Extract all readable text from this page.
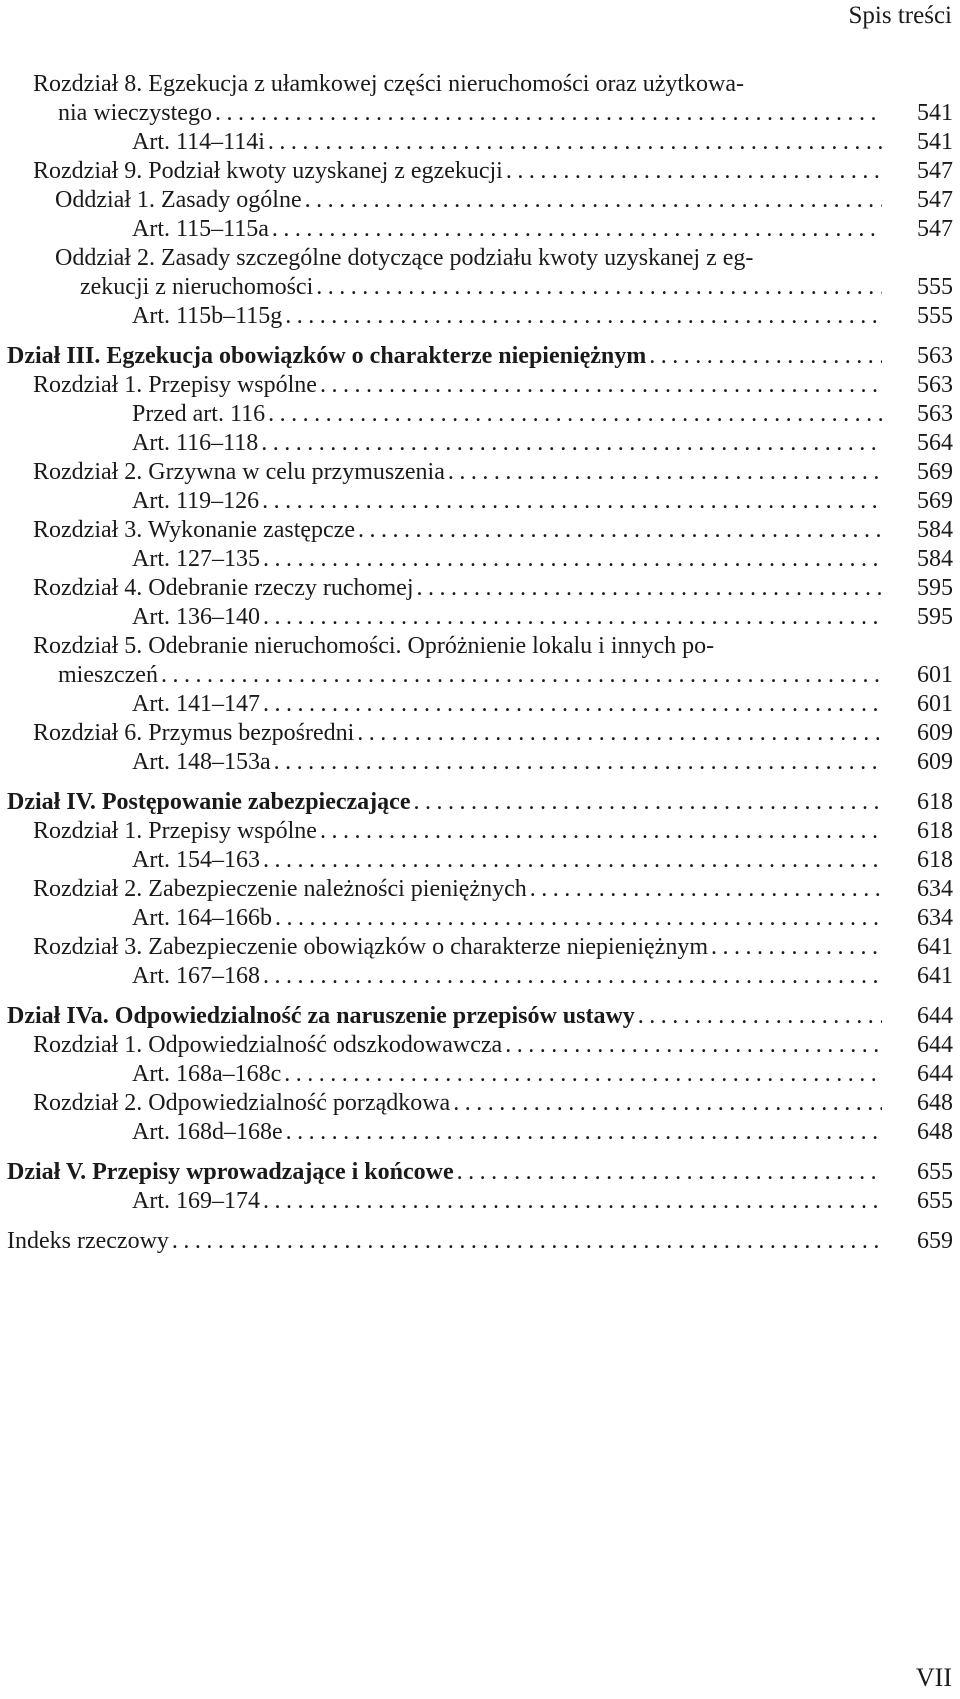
Spis treści
Rozdział 8. Egzekucja z ułamkowej części nieruchomości oraz użytkowa-
nia wieczystego . . .	541
Art. 114–114i . . .	541
Rozdział 9. Podział kwoty uzyskanej z egzekucji . . .	547
Oddział 1. Zasady ogólne . . .	547
Art. 115–115a . . .	547
Oddział 2. Zasady szczególne dotyczące podziału kwoty uzyskanej z eg-
zekucji z nieruchomości . . .	555
Art. 115b–115g . . .	555
Dział III. Egzekucja obowiązków o charakterze niepieniężnym . . .	563
Rozdział 1. Przepisy wspólne . . .	563
Przed art. 116 . . .	563
Art. 116–118 . . .	564
Rozdział 2. Grzywna w celu przymuszenia . . .	569
Art. 119–126 . . .	569
Rozdział 3. Wykonanie zastępcze . . .	584
Art. 127–135 . . .	584
Rozdział 4. Odebranie rzeczy ruchomej . . .	595
Art. 136–140 . . .	595
Rozdział 5. Odebranie nieruchomości. Opróżnienie lokalu i innych po-
mieszczeń . . .	601
Art. 141–147 . . .	601
Rozdział 6. Przymus bezpośredni . . .	609
Art. 148–153a . . .	609
Dział IV. Postępowanie zabezpieczające . . .	618
Rozdział 1. Przepisy wspólne . . .	618
Art. 154–163 . . .	618
Rozdział 2. Zabezpieczenie należności pieniężnych . . .	634
Art. 164–166b . . .	634
Rozdział 3. Zabezpieczenie obowiązków o charakterze niepieniężnym . . .	641
Art. 167–168 . . .	641
Dział IVa. Odpowiedzialność za naruszenie przepisów ustawy . . .	644
Rozdział 1. Odpowiedzialność odszkodowawcza . . .	644
Art. 168a–168c . . .	644
Rozdział 2. Odpowiedzialność porządkowa . . .	648
Art. 168d–168e . . .	648
Dział V. Przepisy wprowadzające i końcowe . . .	655
Art. 169–174 . . .	655
Indeks rzeczowy . . .	659
VII
